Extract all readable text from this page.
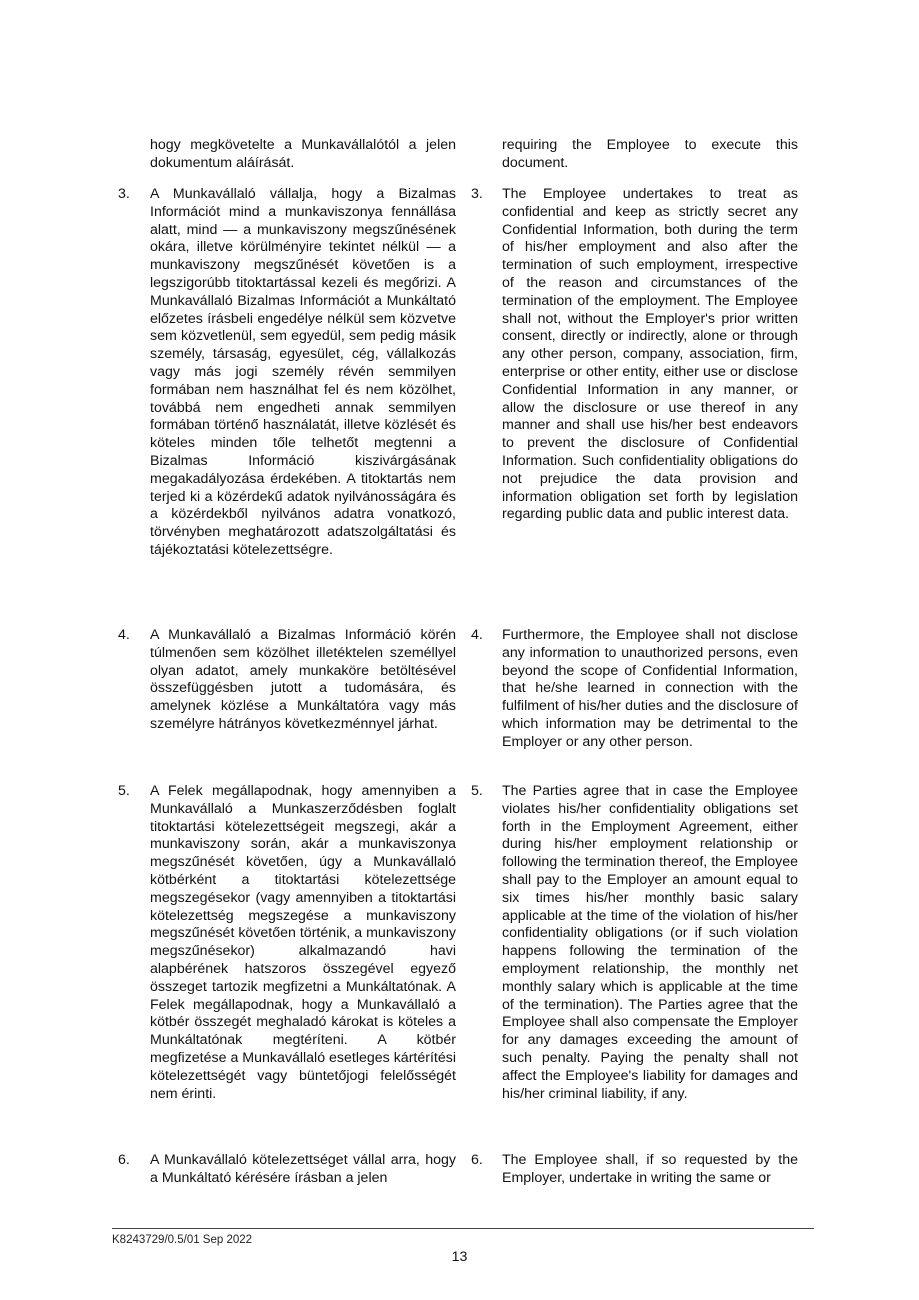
hogy megkövetelte a Munkavállalótól a jelen dokumentum aláírását.

requiring the Employee to execute this document.

3. A Munkavállaló vállalja, hogy a Bizalmas Információt mind a munkaviszonya fennállása alatt, mind — a munkaviszony megszűnésének okára, illetve körülményire tekintet nélkül — a munkaviszony megszűnését követően is a legszigorúbb titoktartással kezeli és megőrizi. A Munkavállaló Bizalmas Információt a Munkáltató előzetes írásbeli engedélye nélkül sem közvetve sem közvetlenül, sem egyedül, sem pedig másik személy, társaság, egyesület, cég, vállalkozás vagy más jogi személy révén semmilyen formában nem használhat fel és nem közölhet, továbbá nem engedheti annak semmilyen formában történő használatát, illetve közlését és köteles minden tőle telhetőt megtenni a Bizalmas Információ kiszivárgásának megakadályozása érdekében. A titoktartás nem terjed ki a közérdekű adatok nyilvánosságára és a közérdekből nyilvános adatra vonatkozó, törvényben meghatározott adatszolgáltatási és tájékoztatási kötelezettségre.

3. The Employee undertakes to treat as confidential and keep as strictly secret any Confidential Information, both during the term of his/her employment and also after the termination of such employment, irrespective of the reason and circumstances of the termination of the employment. The Employee shall not, without the Employer's prior written consent, directly or indirectly, alone or through any other person, company, association, firm, enterprise or other entity, either use or disclose Confidential Information in any manner, or allow the disclosure or use thereof in any manner and shall use his/her best endeavors to prevent the disclosure of Confidential Information. Such confidentiality obligations do not prejudice the data provision and information obligation set forth by legislation regarding public data and public interest data.

4. A Munkavállaló a Bizalmas Információ körén túlmenően sem közölhet illetéktelen személlyel olyan adatot, amely munkaköre betöltésével összefüggésben jutott a tudomására, és amelynek közlése a Munkáltatóra vagy más személyre hátrányos következménnyel járhat.

4. Furthermore, the Employee shall not disclose any information to unauthorized persons, even beyond the scope of Confidential Information, that he/she learned in connection with the fulfilment of his/her duties and the disclosure of which information may be detrimental to the Employer or any other person.

5. A Felek megállapodnak, hogy amennyiben a Munkavállaló a Munkaszerződésben foglalt titoktartási kötelezettségeit megszegi, akár a munkaviszony során, akár a munkaviszonya megszűnését követően, úgy a Munkavállaló kötbérként a titoktartási kötelezettsége megszegésekor (vagy amennyiben a titoktartási kötelezettség megszegése a munkaviszony megszűnését követően történik, a munkaviszony megszűnésekor) alkalmazandó havi alapbérének hatszoros összegével egyező összeget tartozik megfizetni a Munkáltatónak. A Felek megállapodnak, hogy a Munkavállaló a kötbér összegét meghaladó károkat is köteles a Munkáltatónak megtéríteni. A kötbér megfizetése a Munkavállaló esetleges kártérítési kötelezettségét vagy büntetőjogi felelősségét nem érinti.

5. The Parties agree that in case the Employee violates his/her confidentiality obligations set forth in the Employment Agreement, either during his/her employment relationship or following the termination thereof, the Employee shall pay to the Employer an amount equal to six times his/her monthly basic salary applicable at the time of the violation of his/her confidentiality obligations (or if such violation happens following the termination of the employment relationship, the monthly net monthly salary which is applicable at the time of the termination). The Parties agree that the Employee shall also compensate the Employer for any damages exceeding the amount of such penalty. Paying the penalty shall not affect the Employee's liability for damages and his/her criminal liability, if any.

6. A Munkavállaló kötelezettséget vállal arra, hogy a Munkáltató kérésére írásban a jelen

6. The Employee shall, if so requested by the Employer, undertake in writing the same or

K8243729/0.5/01 Sep 2022
13
